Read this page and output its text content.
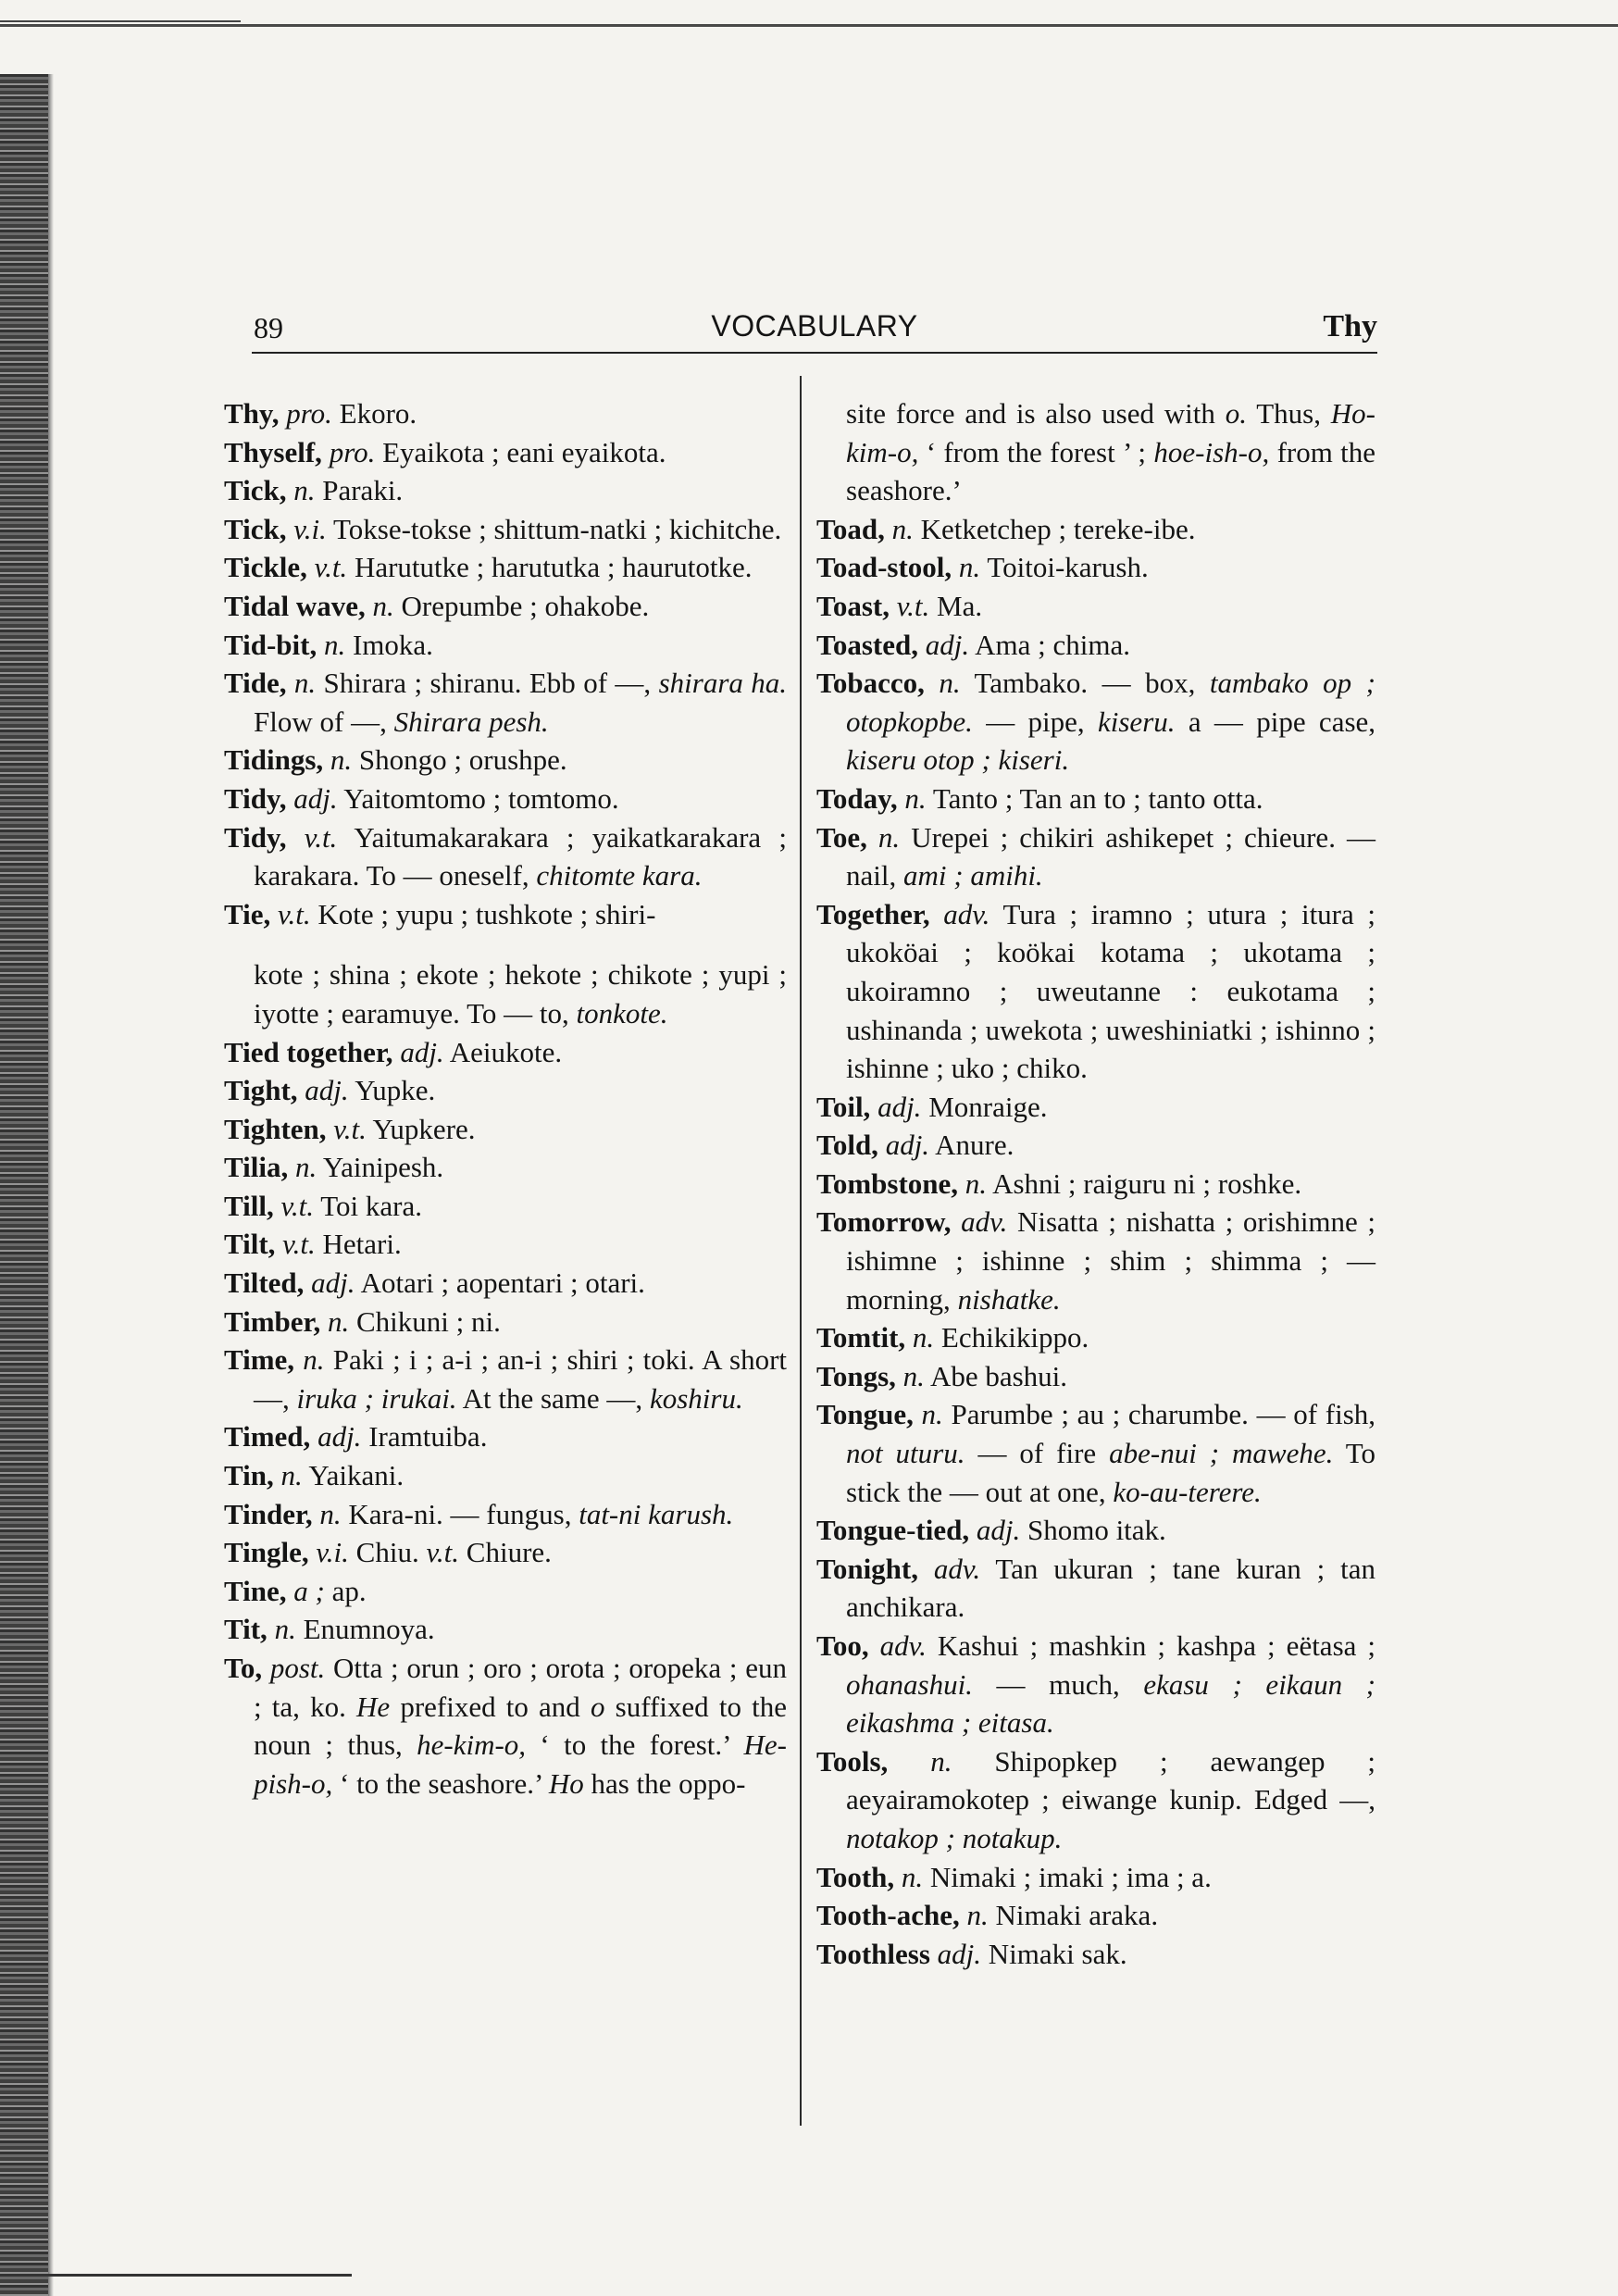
89	VOCABULARY	Thy

Thy, pro. Ekoro.

Thyself, pro. Eyaikota ; eani eyaikota.

Tick, n. Paraki.

Tick, v.i. Tokse-tokse ; shittum-natki ; kichitche.

Tickle, v.t. Harututke ; harututka ; haurutotke.

Tidal wave, n. Orepumbe ; ohakobe.

Tid-bit, n. Imoka.

Tide, n. Shirara ; shiranu. Ebb of —, shirara ha. Flow of —, Shirara pesh.

Tidings, n. Shongo ; orushpe.

Tidy, adj. Yaitomtomo ; tomtomo.

Tidy, v.t. Yaitumakarakara ; yaikatkarakara ; karakara. To — oneself, chitomte kara.

Tie, v.t. Kote ; yupu ; tushkote ; shiri-

kote ; shina ; ekote ; hekote ; chikote ; yupi ; iyotte ; earamuye. To — to, tonkote.

Tied together, adj. Aeiukote.

Tight, adj. Yupke.

Tighten, v.t. Yupkere.

Tilia, n. Yainipesh.

Till, v.t. Toi kara.

Tilt, v.t. Hetari.

Tilted, adj. Aotari ; aopentari ; otari.

Timber, n. Chikuni ; ni.

Time, n. Paki ; i ; a-i ; an-i ; shiri ; toki. A short —, iruka ; irukai. At the same —, koshiru.

Timed, adj. Iramtuiba.

Tin, n. Yaikani.

Tinder, n. Kara-ni. — fungus, tat-ni karush.

Tingle, v.i. Chiu. v.t. Chiure.

Tine, a ; ap.

Tit, n. Enumnoya.

To, post. Otta ; orun ; oro ; orota ; oropeka ; eun ; ta, ko. He prefixed to and o suffixed to the noun ; thus, he-kim-o, ‘ to the forest.’ He-pish-o, ‘ to the seashore.’ Ho has the oppo-

site force and is also used with o. Thus, Ho-kim-o, ‘ from the forest ’ ; hoe-ish-o, from the seashore.’

Toad, n. Ketketchep ; tereke-ibe.

Toad-stool, n. Toitoi-karush.

Toast, v.t. Ma.

Toasted, adj. Ama ; chima.

Tobacco, n. Tambako. — box, tambako op ; otopkopbe. — pipe, kiseru. a — pipe case, kiseru otop ; kiseri.

Today, n. Tanto ; Tan an to ; tanto otta.

Toe, n. Urepei ; chikiri ashikepet ; chieure. — nail, ami ; amihi.

Together, adv. Tura ; iramno ; utura ; itura ; ukoköai ; koökai kotama ; ukotama ; ukoiramno ; uweutanne : eukotama ; ushinanda ; uwekota ; uweshiniatki ; ishinno ; ishinne ; uko ; chiko.

Toil, adj. Monraige.

Told, adj. Anure.

Tombstone, n. Ashni ; raiguru ni ; roshke.

Tomorrow, adv. Nisatta ; nishatta ; orishimne ; ishimne ; ishinne ; shim ; shimma ; — morning, nishatke.

Tomtit, n. Echikikippo.

Tongs, n. Abe bashui.

Tongue, n. Parumbe ; au ; charumbe. — of fish, not uturu. — of fire abe-nui ; mawehe. To stick the — out at one, ko-au-terere.

Tongue-tied, adj. Shomo itak.

Tonight, adv. Tan ukuran ; tane kuran ; tan anchikara.

Too, adv. Kashui ; mashkin ; kashpa ; eëtasa ; ohanashui. — much, ekasu ; eikaun ; eikashma ; eitasa.

Tools, n. Shipopkep ; aewangep ; aeyairamokotep ; eiwange kunip. Edged —, notakop ; notakup.

Tooth, n. Nimaki ; imaki ; ima ; a.

Tooth-ache, n. Nimaki araka.

Toothless adj. Nimaki sak.
